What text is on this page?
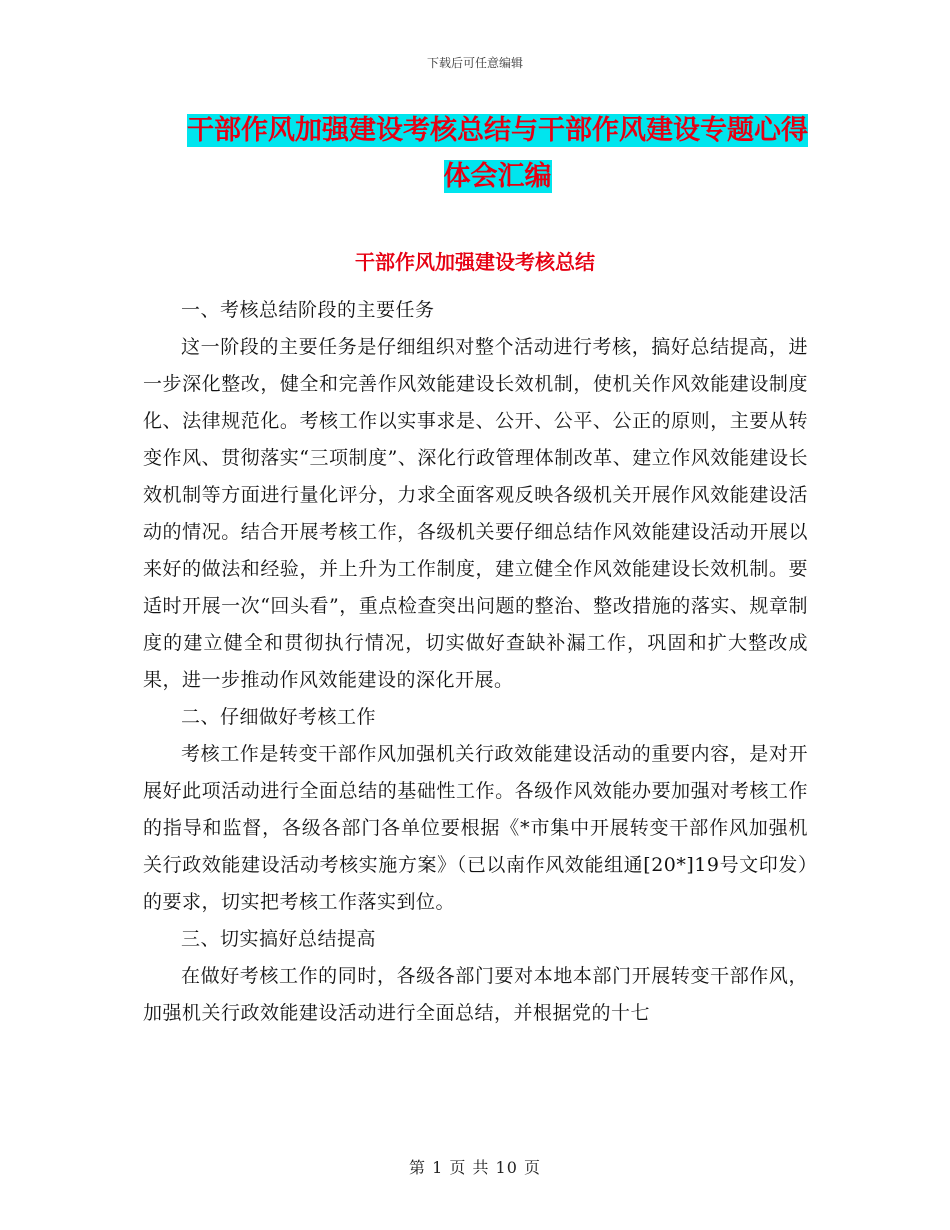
下载后可任意编辑
干部作风加强建设考核总结与干部作风建设专题心得
体会汇编
干部作风加强建设考核总结

一、考核总结阶段的主要任务

这一阶段的主要任务是仔细组织对整个活动进行考核，搞好总结提高，进一步深化整改，健全和完善作风效能建设长效机制，使机关作风效能建设制度化、法律规范化。考核工作以实事求是、公开、公平、公正的原则，主要从转变作风、贯彻落实“三项制度”、深化行政管理体制改革、建立作风效能建设长效机制等方面进行量化评分，力求全面客观反映各级机关开展作风效能建设活动的情况。结合开展考核工作，各级机关要仔细总结作风效能建设活动开展以来好的做法和经验，并上升为工作制度，建立健全作风效能建设长效机制。要适时开展一次“回头看”，重点检查突出问题的整治、整改措施的落实、规章制度的建立健全和贯彻执行情况，切实做好查缺补漏工作，巩固和扩大整改成果，进一步推动作风效能建设的深化开展。

二、仔细做好考核工作

考核工作是转变干部作风加强机关行政效能建设活动的重要内容，是对开展好此项活动进行全面总结的基础性工作。各级作风效能办要加强对考核工作的指导和监督，各级各部门各单位要根据《*市集中开展转变干部作风加强机关行政效能建设活动考核实施方案》（已以南作风效能组通[20*]19号文印发）的要求，切实把考核工作落实到位。

三、切实搞好总结提高

在做好考核工作的同时，各级各部门要对本地本部门开展转变干部作风，加强机关行政效能建设活动进行全面总结，并根据党的十七

第 1 页 共 10 页
